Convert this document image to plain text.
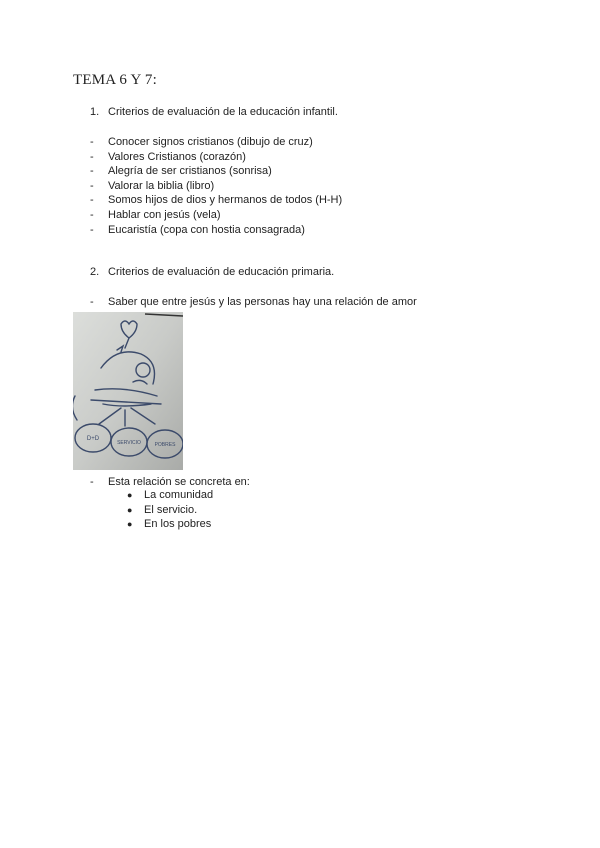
TEMA 6 Y 7:
1. Criterios de evaluación de la educación infantil.
- Conocer signos cristianos (dibujo de cruz)
- Valores Cristianos (corazón)
- Alegría de ser cristianos (sonrisa)
- Valorar la biblia (libro)
- Somos hijos de dios y hermanos de todos (H-H)
- Hablar con jesús (vela)
- Eucaristía (copa con hostia consagrada)
2. Criterios de evaluación de educación primaria.
- Saber que entre jesús y las personas hay una relación de amor
D+D
SERVICIO	POBRES
- Esta relación se concreta en:
● La comunidad
● El servicio.
● En los pobres
